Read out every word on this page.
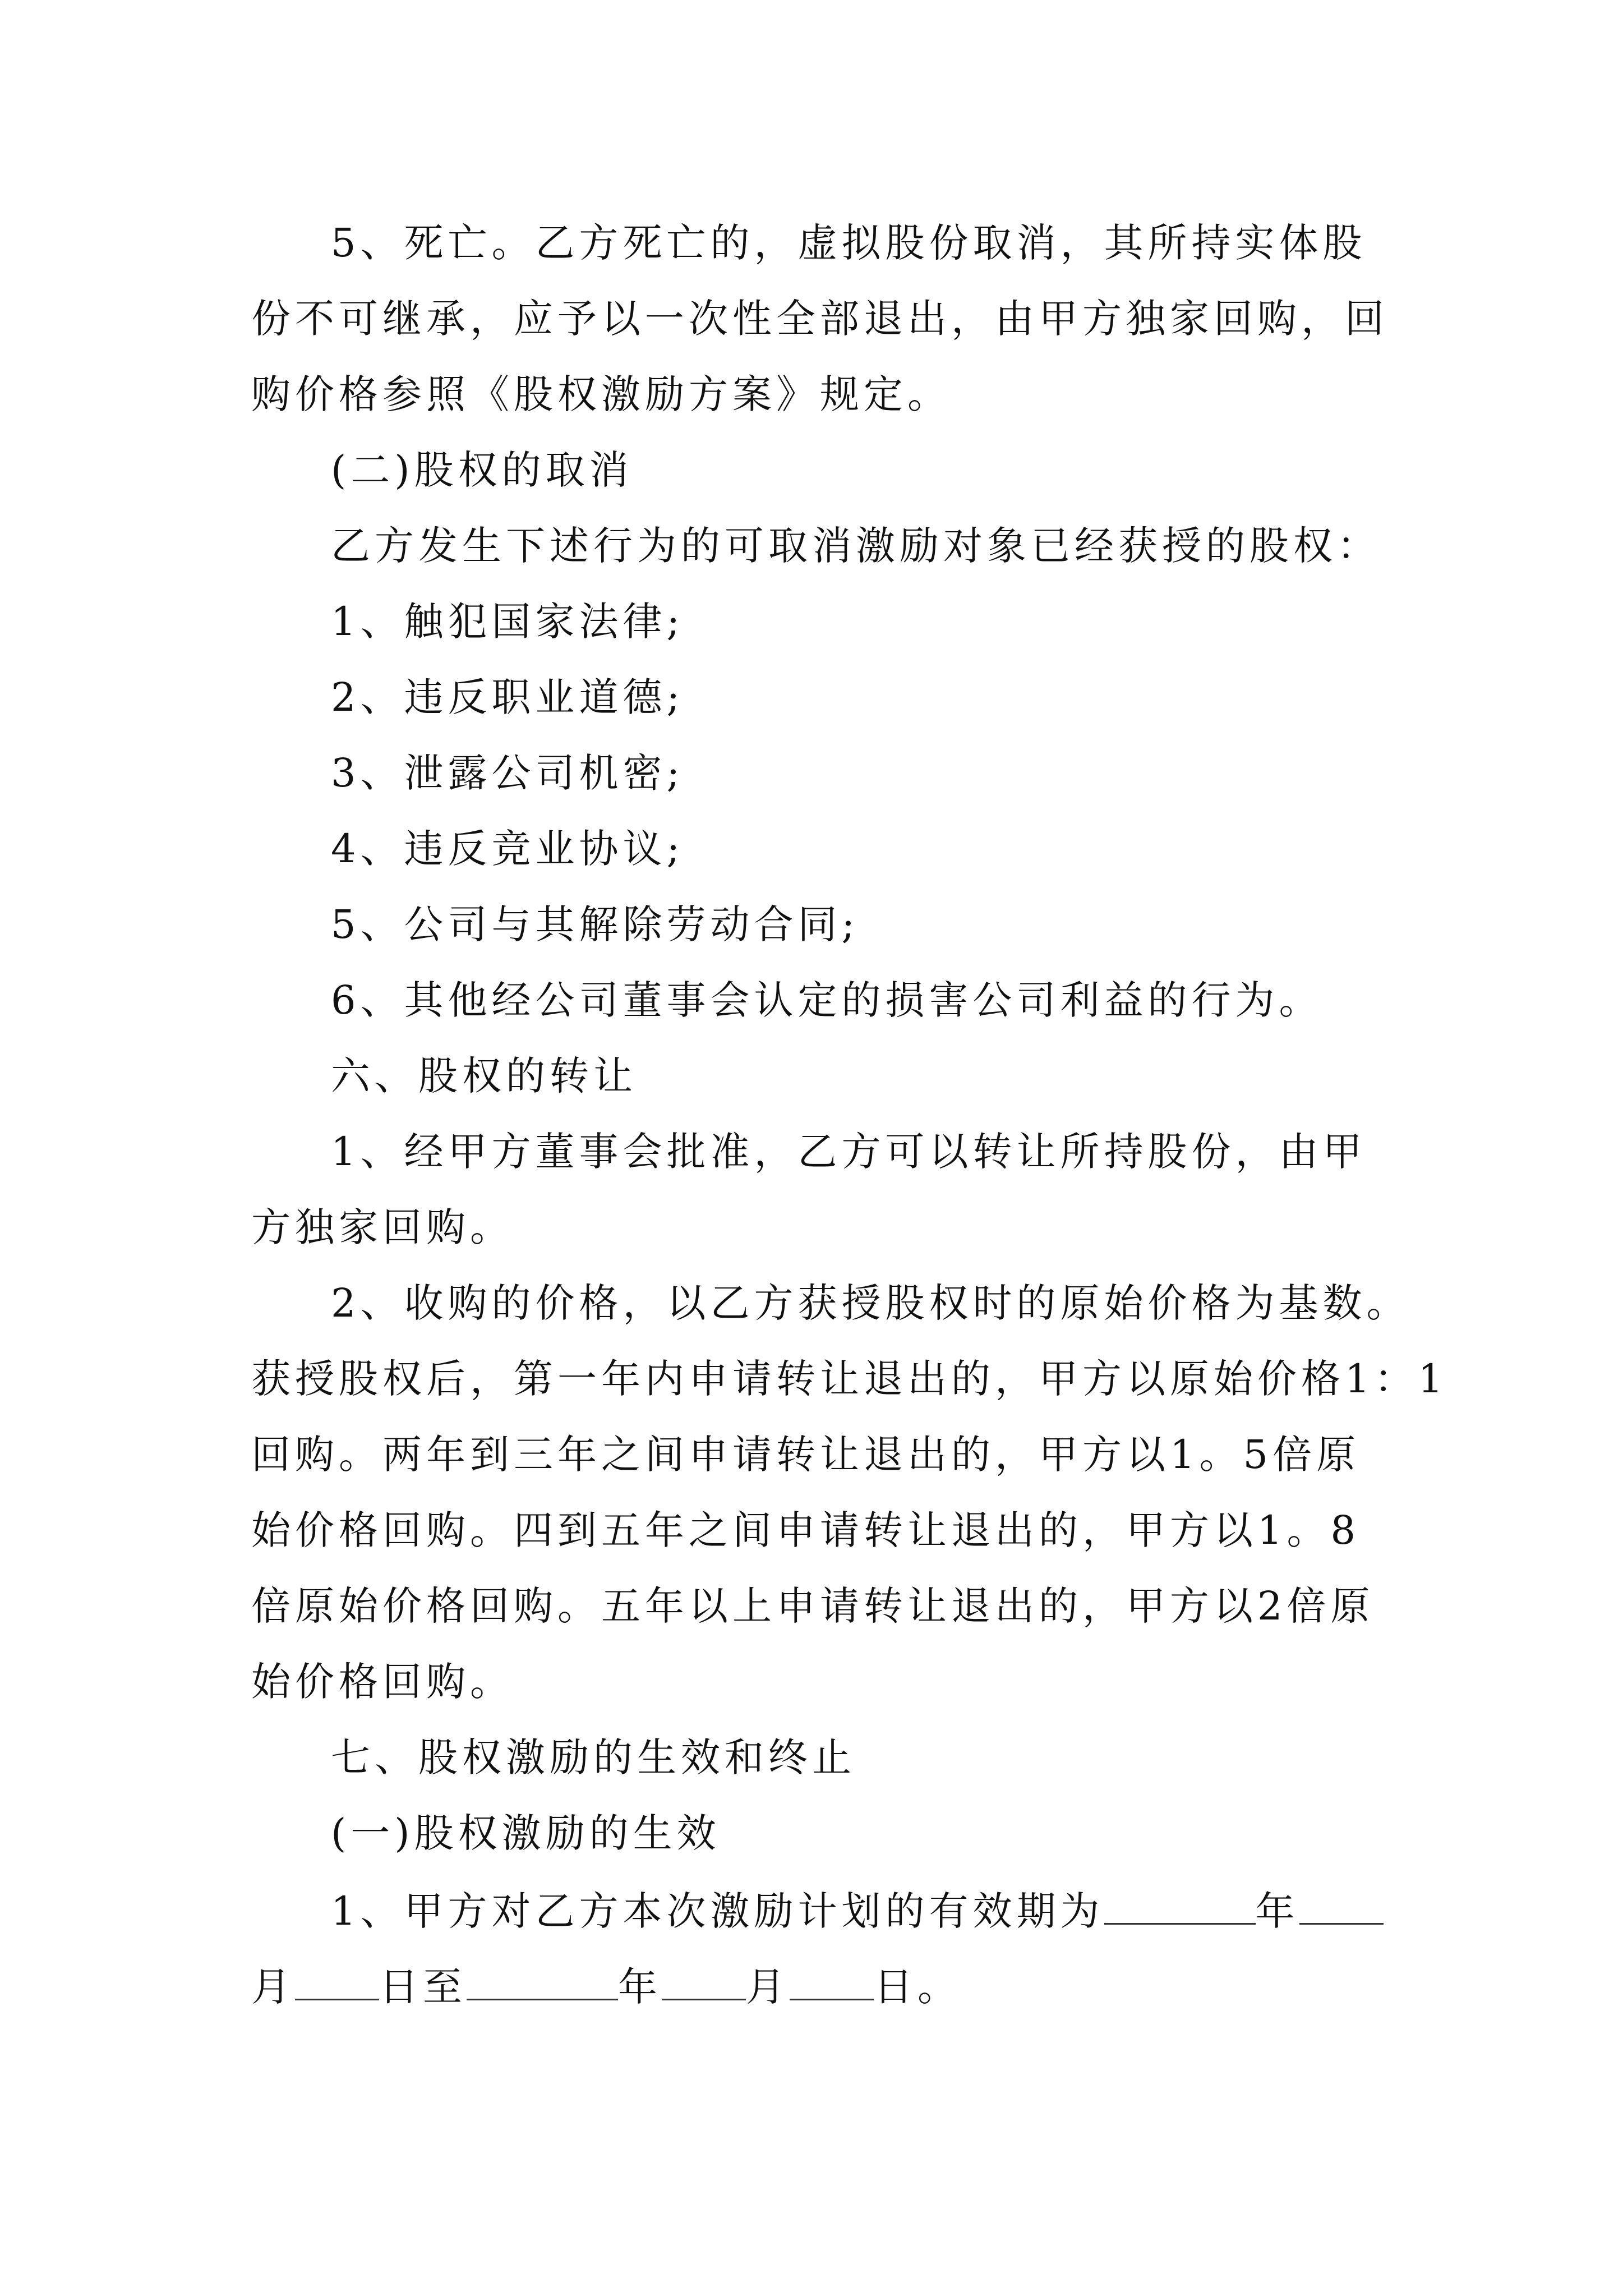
5、死亡。乙方死亡的，虚拟股份取消，其所持实体股
份不可继承，应予以一次性全部退出，由甲方独家回购，回
购价格参照《股权激励方案》规定。
(二)股权的取消
乙方发生下述行为的可取消激励对象已经获授的股权：
1、触犯国家法律;
2、违反职业道德;
3、泄露公司机密;
4、违反竞业协议;
5、公司与其解除劳动合同;
6、其他经公司董事会认定的损害公司利益的行为。
六、股权的转让
1、经甲方董事会批准，乙方可以转让所持股份，由甲
方独家回购。
2、收购的价格，以乙方获授股权时的原始价格为基数。
获授股权后，第一年内申请转让退出的，甲方以原始价格1：1
回购。两年到三年之间申请转让退出的，甲方以1。5倍原
始价格回购。四到五年之间申请转让退出的，甲方以1。8
倍原始价格回购。五年以上申请转让退出的，甲方以2倍原
始价格回购。
七、股权激励的生效和终止
(一)股权激励的生效
1、甲方对乙方本次激励计划的有效期为	年
月 日至	年 月 日。
